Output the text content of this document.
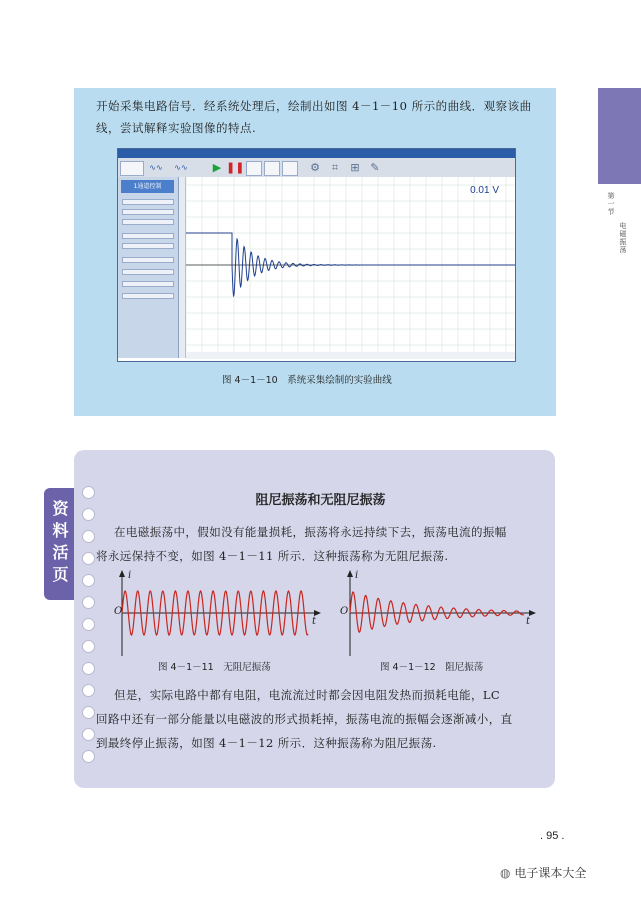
开始采集电路信号．经系统处理后，绘制出如图 4－1－10 所示的曲线．观察该曲
线，尝试解释实验图像的特点.
∿∿	∿∿	▶ ❚❚	⚙	⌗	⊞ ✎
1通道控制	0.01 V
图 4－1－10　系统采集绘制的实验曲线
第一节
电磁振荡
资料活页	阻尼振荡和无阻尼振荡
在电磁振荡中，假如没有能量损耗，振荡将永远持续下去，振荡电流的振幅
将永远保持不变，如图 4－1－11 所示．这种振荡称为无阻尼振荡.
i
O
t
图 4－1－11　无阻尼振荡
i
O
t
图 4－1－12　阻尼振荡
但是，实际电路中都有电阻，电流流过时都会因电阻发热而损耗电能，LC
回路中还有一部分能量以电磁波的形式损耗掉，振荡电流的振幅会逐渐减小，直
到最终停止振荡，如图 4－1－12 所示．这种振荡称为阻尼振荡.
. 95 .
◍ 电子课本大全
